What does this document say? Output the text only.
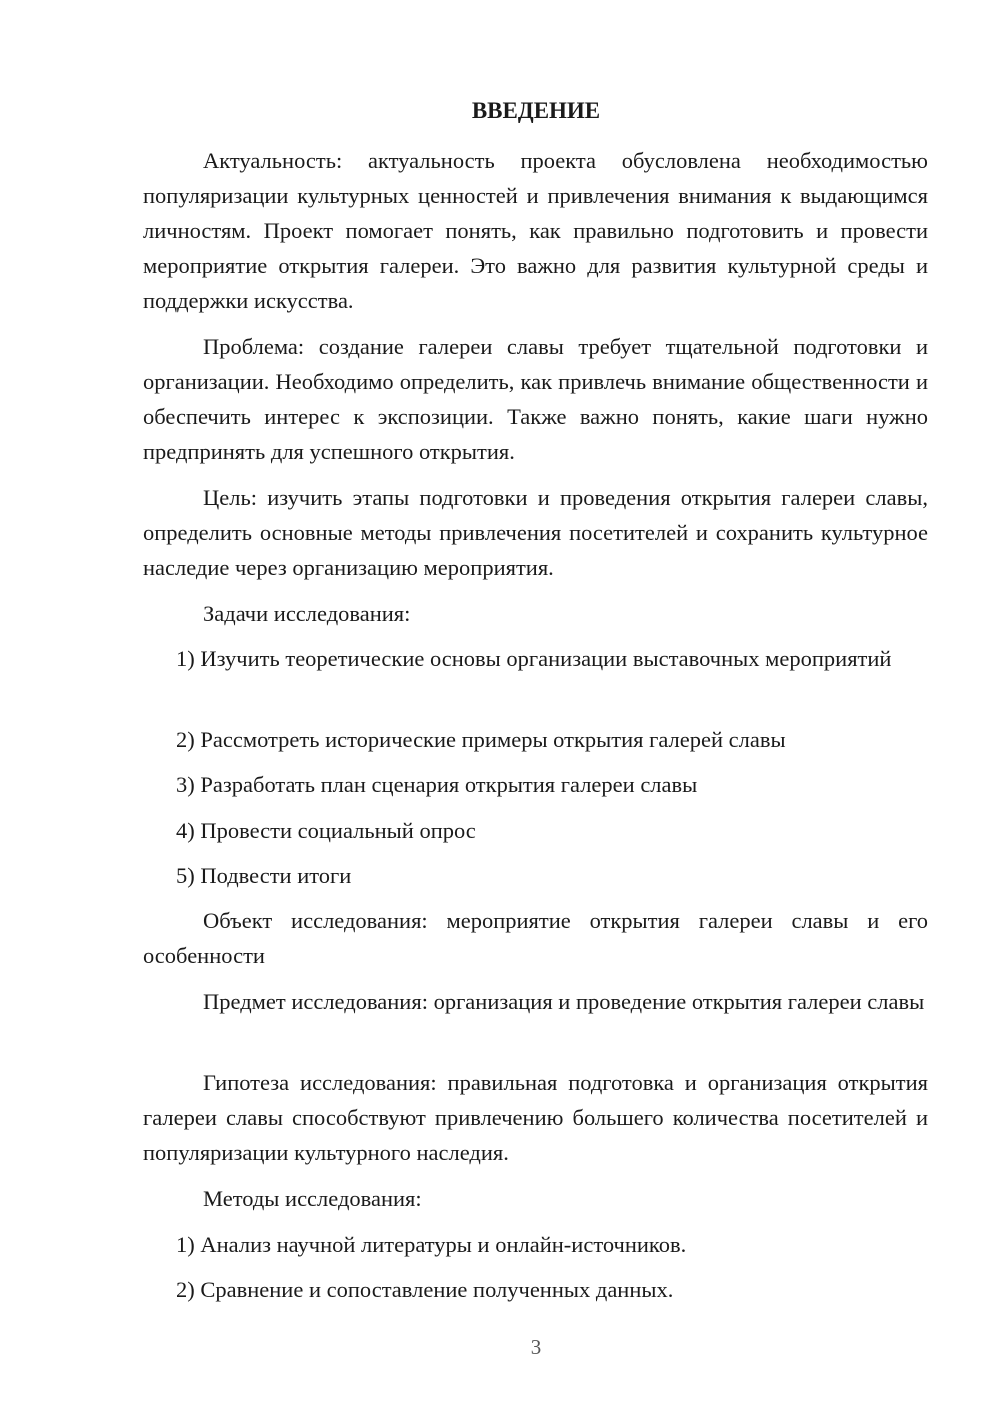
ВВЕДЕНИЕ

Актуальность: актуальность проекта обусловлена необходимостью популяризации культурных ценностей и привлечения внимания к выдающимся личностям. Проект помогает понять, как правильно подготовить и провести мероприятие открытия галереи. Это важно для развития культурной среды и поддержки искусства.

Проблема: создание галереи славы требует тщательной подготовки и организации. Необходимо определить, как привлечь внимание общественности и обеспечить интерес к экспозиции. Также важно понять, какие шаги нужно предпринять для успешного открытия.

Цель: изучить этапы подготовки и проведения открытия галереи славы, определить основные методы привлечения посетителей и сохранить культурное наследие через организацию мероприятия.

Задачи исследования:

1) Изучить теоретические основы организации выставочных мероприятий

2) Рассмотреть исторические примеры открытия галерей славы

3) Разработать план сценария открытия галереи славы

4) Провести социальный опрос

5) Подвести итоги

Объект исследования: мероприятие открытия галереи славы и его особенности

Предмет исследования: организация и проведение открытия галереи славы

Гипотеза исследования: правильная подготовка и организация открытия галереи славы способствуют привлечению большего количества посетителей и популяризации культурного наследия.

Методы исследования:

1) Анализ научной литературы и онлайн-источников.

2) Сравнение и сопоставление полученных данных.

3
